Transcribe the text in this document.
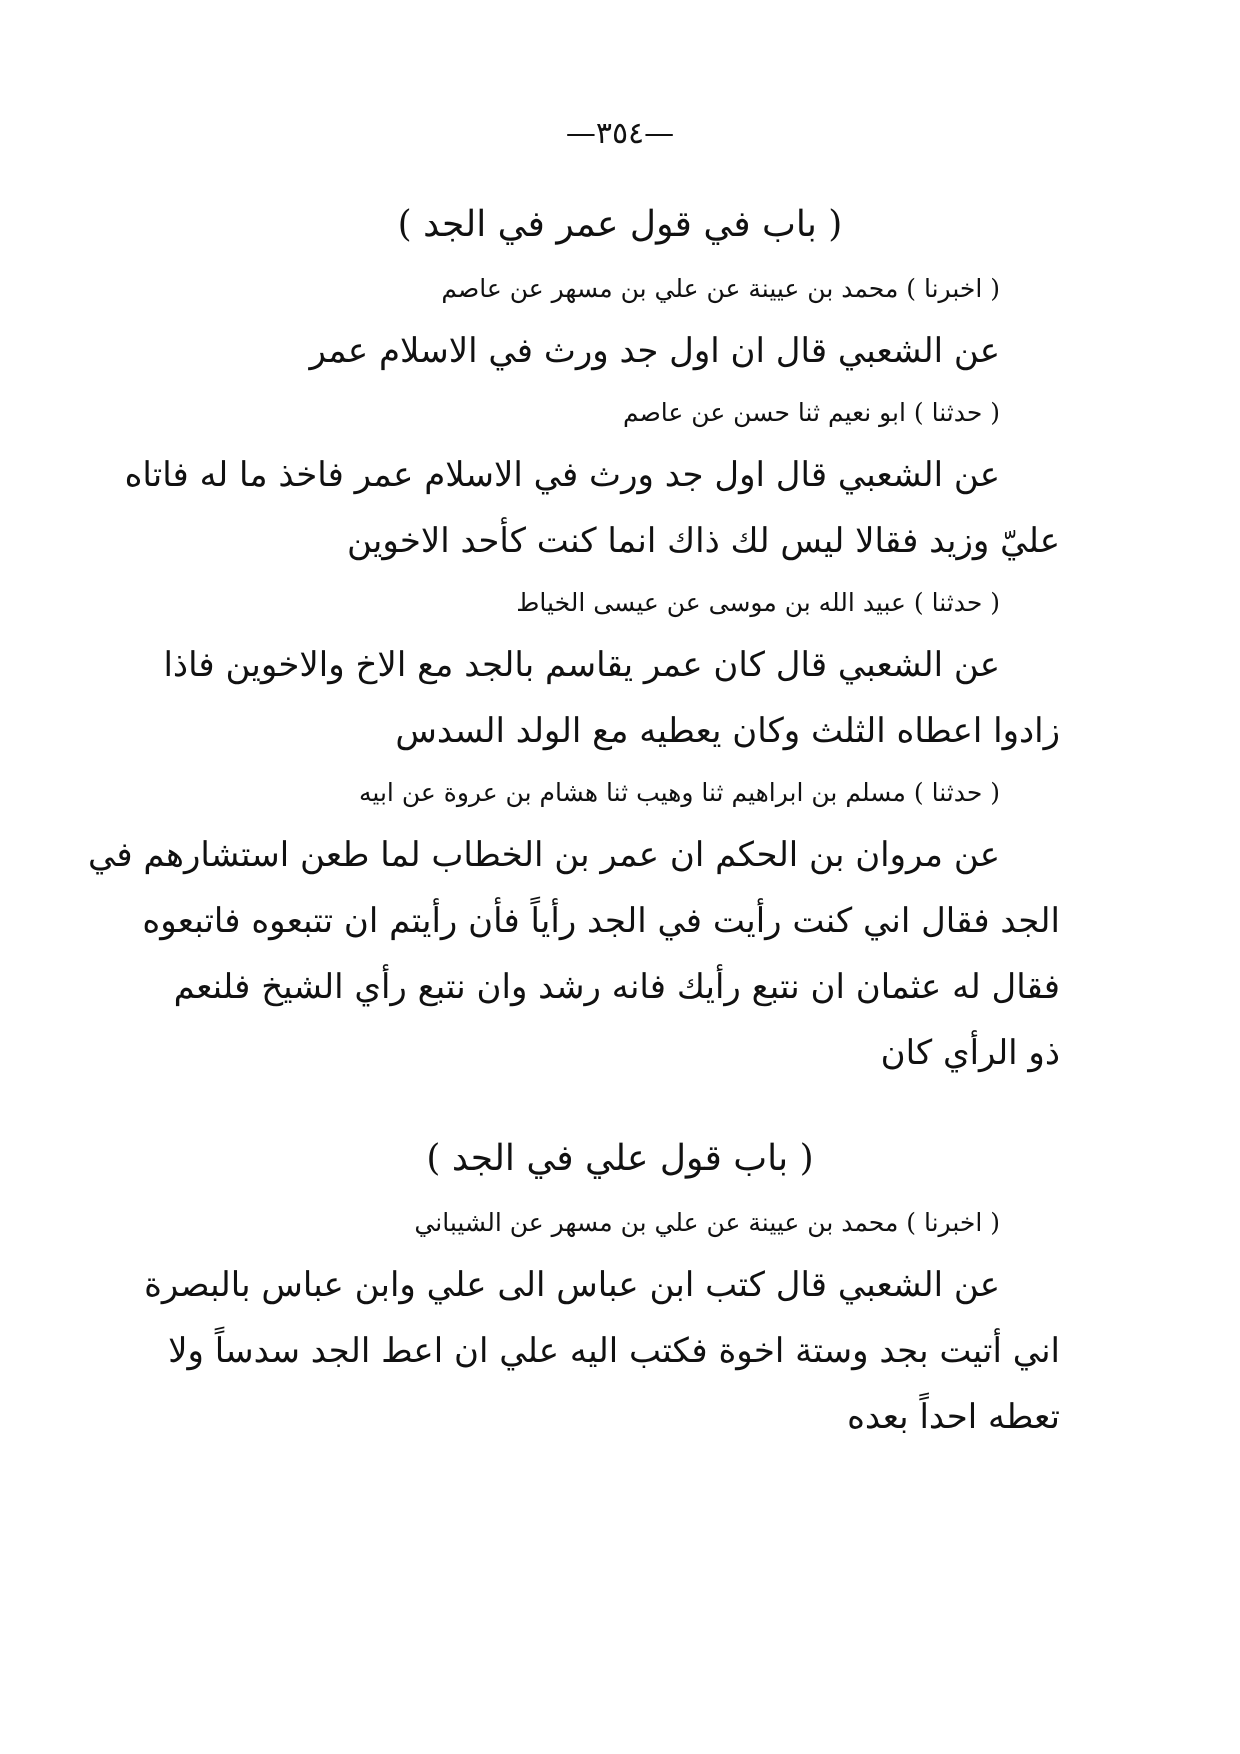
—٣٥٤—
( باب في قول عمر في الجد )
( اخبرنا ) محمد بن عيينة عن علي بن مسهر عن عاصم
عن الشعبي قال ان اول جد ورث في الاسلام عمر
( حدثنا ) ابو نعيم ثنا حسن عن عاصم
عن الشعبي قال اول جد ورث في الاسلام عمر فاخذ ما له فاتاه
عليّ وزيد فقالا ليس لك ذاك انما كنت كأحد الاخوين
( حدثنا ) عبيد الله بن موسى عن عيسى الخياط
عن الشعبي قال كان عمر يقاسم بالجد مع الاخ والاخوين فاذا
زادوا اعطاه الثلث وكان يعطيه مع الولد السدس
( حدثنا ) مسلم بن ابراهيم ثنا وهيب ثنا هشام بن عروة عن ابيه
عن مروان بن الحكم ان عمر بن الخطاب لما طعن استشارهم في
الجد فقال اني كنت رأيت في الجد رأياً فأن رأيتم ان تتبعوه فاتبعوه
فقال له عثمان ان نتبع رأيك فانه رشد وان نتبع رأي الشيخ فلنعم
ذو الرأي كان
( باب قول علي في الجد )
( اخبرنا ) محمد بن عيينة عن علي بن مسهر عن الشيباني
عن الشعبي قال كتب ابن عباس الى علي وابن عباس بالبصرة
اني أتيت بجد وستة اخوة فكتب اليه علي ان اعط الجد سدساً ولا
تعطه احداً بعده
